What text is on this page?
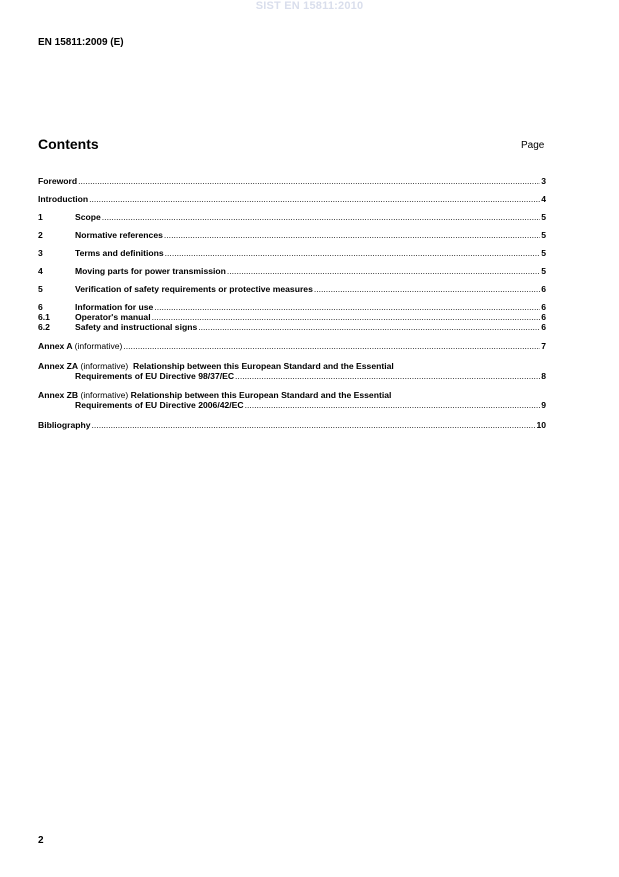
SIST EN 15811:2010
EN 15811:2009 (E)
Contents	Page
Foreword .....	3
Introduction .....	4
1	Scope .....	5
2	Normative references .....	5
3	Terms and definitions .....	5
4	Moving parts for power transmission .....	5
5	Verification of safety requirements or protective measures .....	6
6	Information for use .....	6
6.1	Operator's manual .....	6
6.2	Safety and instructional signs .....	6
Annex A (informative) .....	7
Annex ZA (informative) Relationship between this European Standard and the Essential
Requirements of EU Directive 98/37/EC .....	8
Annex ZB (informative) Relationship between this European Standard and the Essential
Requirements of EU Directive 2006/42/EC .....	9
Bibliography .....	10
2
